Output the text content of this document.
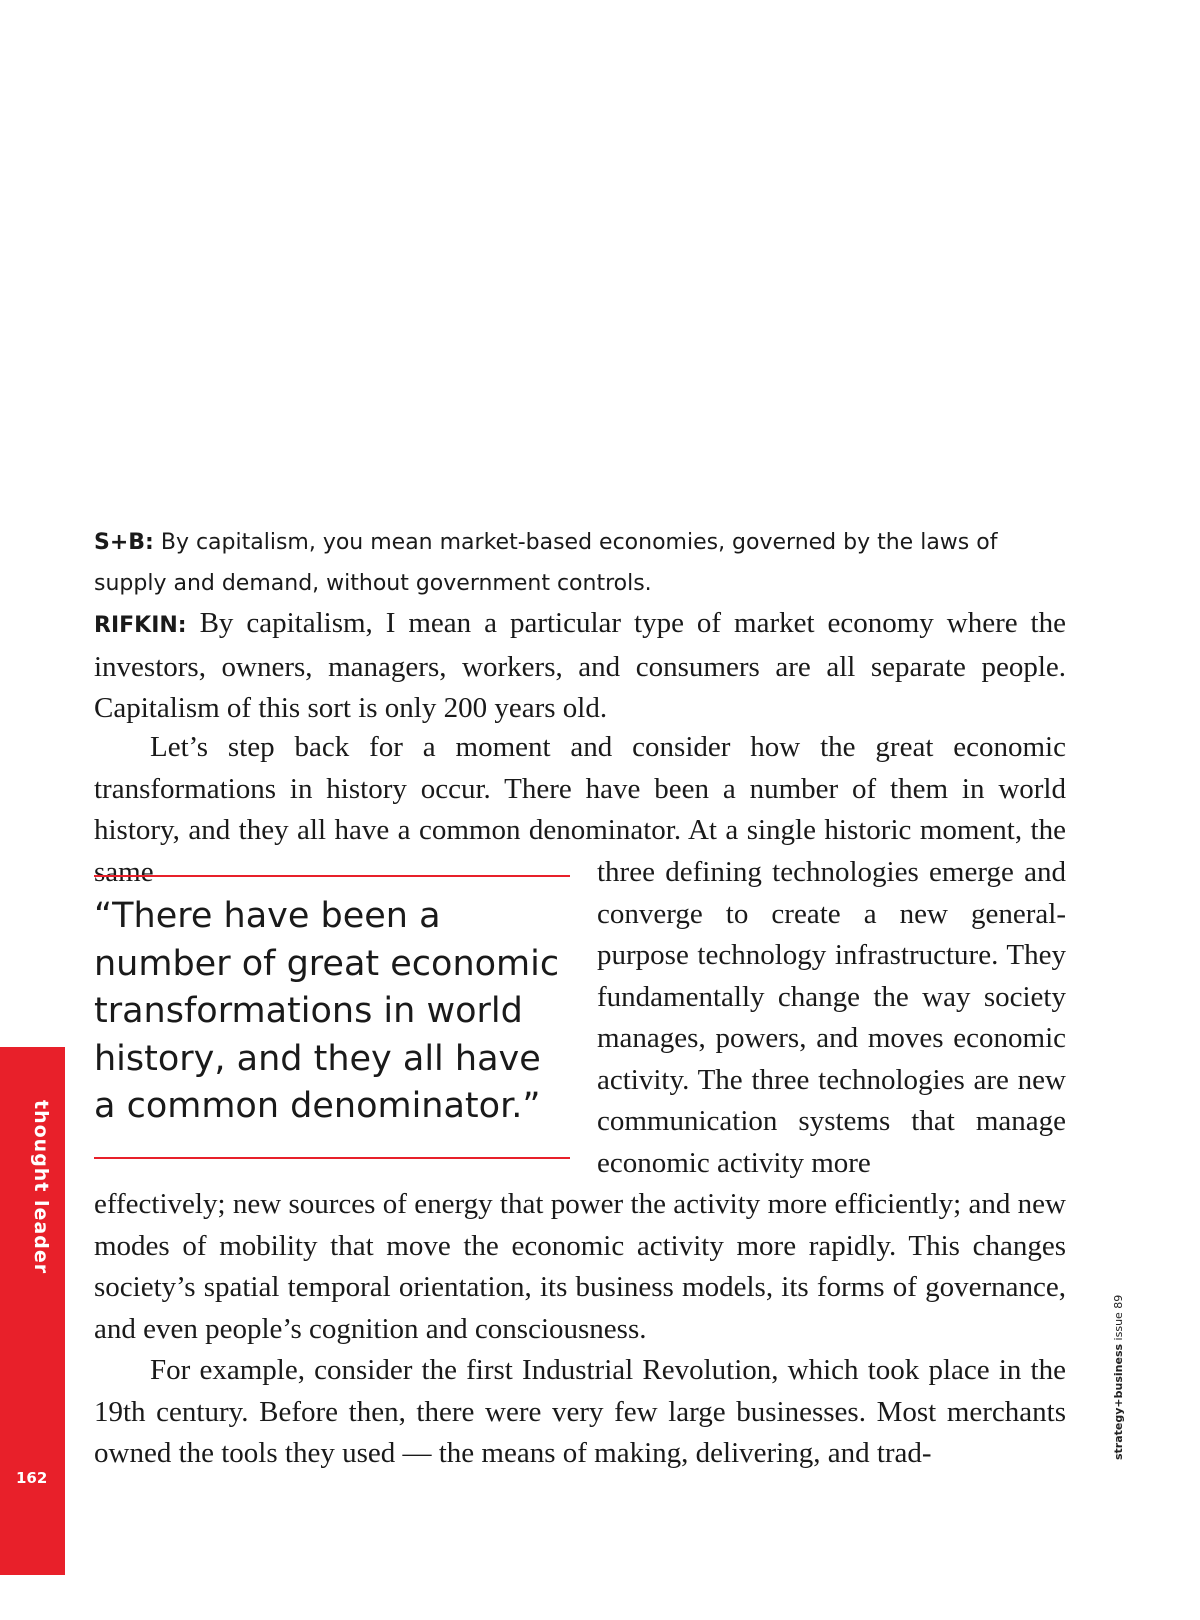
thought leader
162
strategy+business issue 89
S+B: By capitalism, you mean market-based economies, governed by the laws of supply and demand, without government controls.
RIFKIN: By capitalism, I mean a particular type of market economy where the investors, owners, managers, workers, and consumers are all separate people. Capitalism of this sort is only 200 years old.
Let’s step back for a moment and consider how the great economic transformations in history occur. There have been a number of them in world history, and they all have a common denominator. At a single historic moment, the same
“There have been a number of great economic transformations in world history, and they all have a common denominator.”
three defining technologies emerge and converge to create a new general-purpose technology infrastructure. They fundamentally change the way society manages, powers, and moves economic activity. The three technologies are new communication systems that manage economic activity more
effectively; new sources of energy that power the activity more efficiently; and new modes of mobility that move the economic activity more rapidly. This changes society’s spatial temporal orientation, its business models, its forms of governance, and even people’s cognition and consciousness.
For example, consider the first Industrial Revolution, which took place in the 19th century. Before then, there were very few large businesses. Most merchants owned the tools they used — the means of making, delivering, and trad-
